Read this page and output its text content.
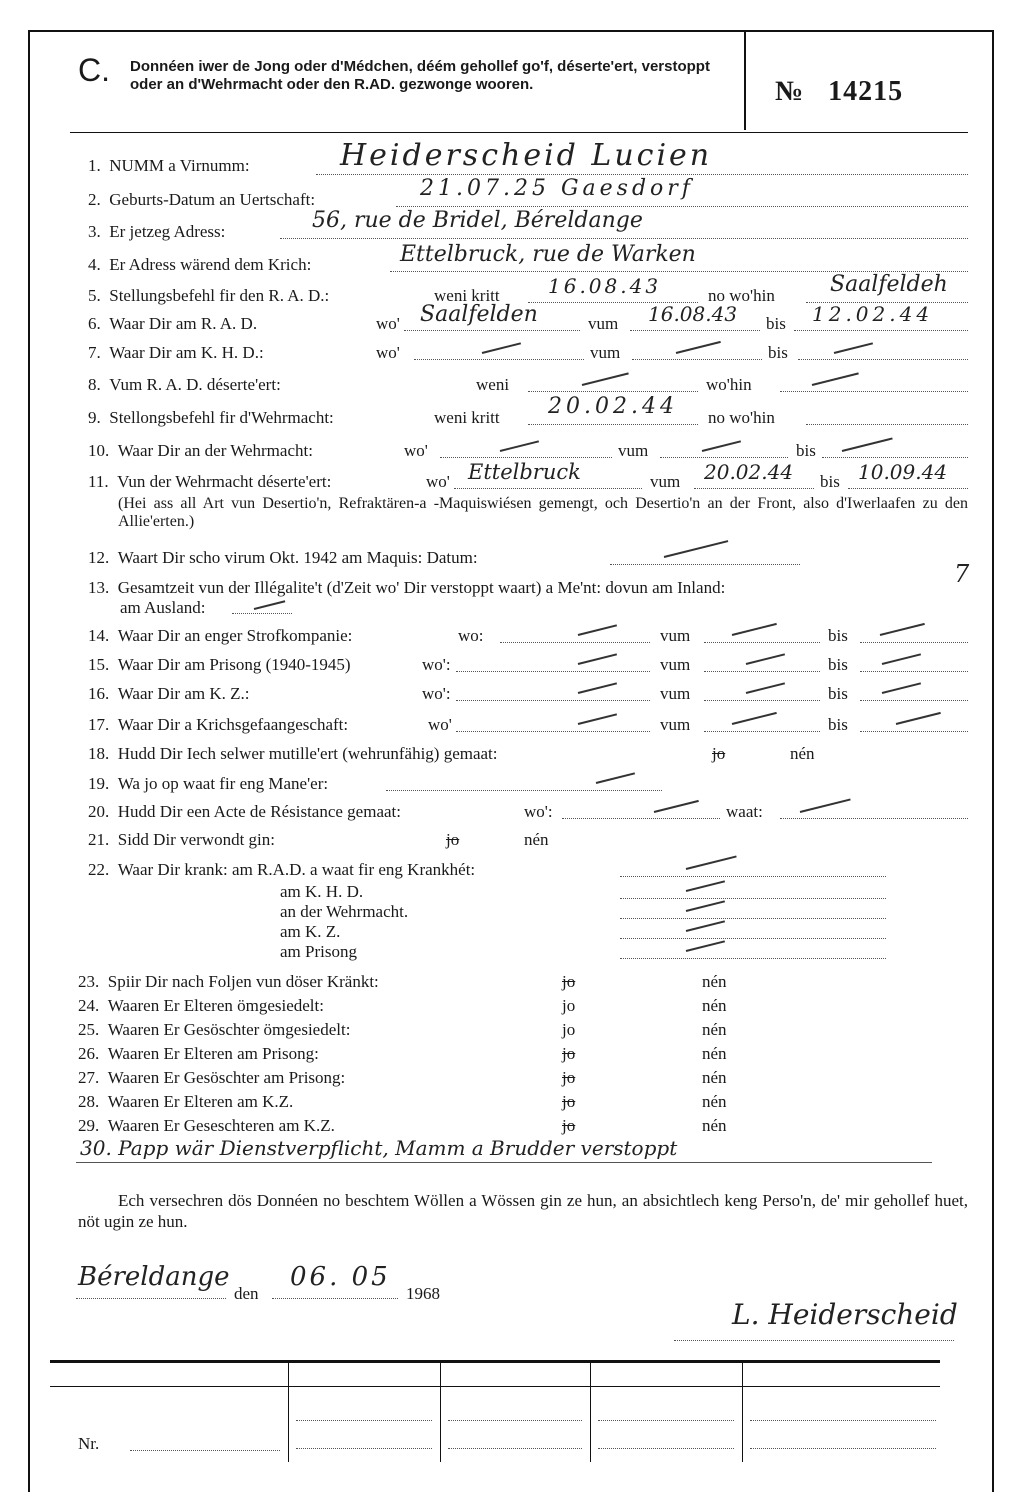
C. Donnéen iwer de Jong oder d'Médchen, déém gehollef go'f, déserte'ert, verstoppt oder an d'Wehrmacht oder den R.AD. gezwonge wooren.	№ 14215
1. NUMM a Virnumm:	Heiderscheid Lucien
2. Geburts-Datum an Uertschaft:	21.07.25 Gaesdorf
3. Er jetzeg Adress:	56, rue de Bridel, Béreldange
4. Er Adress wärend dem Krich:	Ettelbruck, rue de Warken
5. Stellungsbefehl fir den R. A. D.:	weni kritt 16.08.43	no wo'hin	Saalfeldeh
6. Waar Dir am R. A. D.	wo' Saalfelden	vum 16.08.43 bis 12.02.44
7. Waar Dir am K. H. D.:	wo'	vum	bis
8. Vum R. A. D. déserte'ert:	weni	wo'hin
9. Stellongsbefehl fir d'Wehrmacht:	weni kritt 20.02.44 no wo'hin
10. Waar Dir an der Wehrmacht:	wo'	vum	bis
11. Vun der Wehrmacht déserte'ert:	wo' Ettelbruck	vum 20.02.44 bis 10.09.44
(Hei ass all Art vun Desertio'n, Refraktären-a -Maquiswiésen gemengt, och Desertio'n an der Front, also d'Iwerlaafen zu den Allie'erten.)
12. Waart Dir scho virum Okt. 1942 am Maquis: Datum:
13. Gesamtzeit vun der Illégalite't (d'Zeit wo' Dir verstoppt waart) a Me'nt: dovun am Inland:	7
am Ausland:
14. Waar Dir an enger Strofkompanie:	wo:	vum	bis
15. Waar Dir am Prisong (1940-1945)	wo':	vum	bis
16. Waar Dir am K. Z.:	wo':	vum	bis
17. Waar Dir a Krichsgefaangeschaft:	wo'	vum	bis
18. Hudd Dir Iech selwer mutille'ert (wehrunfähig) gemaat:	jo	nén
19. Wa jo op waat fir eng Mane'er:
20. Hudd Dir een Acte de Résistance gemaat:	wo':	waat:
21. Sidd Dir verwondt gin:	jo	nén
22. Waar Dir krank: am R.A.D. a waat fir eng Krankhét:
am K. H. D.
an der Wehrmacht.
am K. Z.
am Prisong
23. Spiir Dir nach Foljen vun döser Kränkt:	jo	nén
24. Waaren Er Elteren ömgesiedelt:	jo	nén
25. Waaren Er Gesöschter ömgesiedelt:	jo	nén
26. Waaren Er Elteren am Prisong:	jo	nén
27. Waaren Er Gesöschter am Prisong:	jo	nén
28. Waaren Er Elteren am K.Z.	jo	nén
29. Waaren Er Geseschteren am K.Z.	jo	nén
30. Papp wär Dienstverpflicht, Mamm a Brudder verstoppt
Ech versechren dös Donnéen no beschtem Wöllen a Wössen gin ze hun, an absichtlech keng Perso'n, de' mir gehollef huet, nöt ugin ze hun.
Béreldange
den
06. 05
1968
L. Heiderscheid
Nr.
